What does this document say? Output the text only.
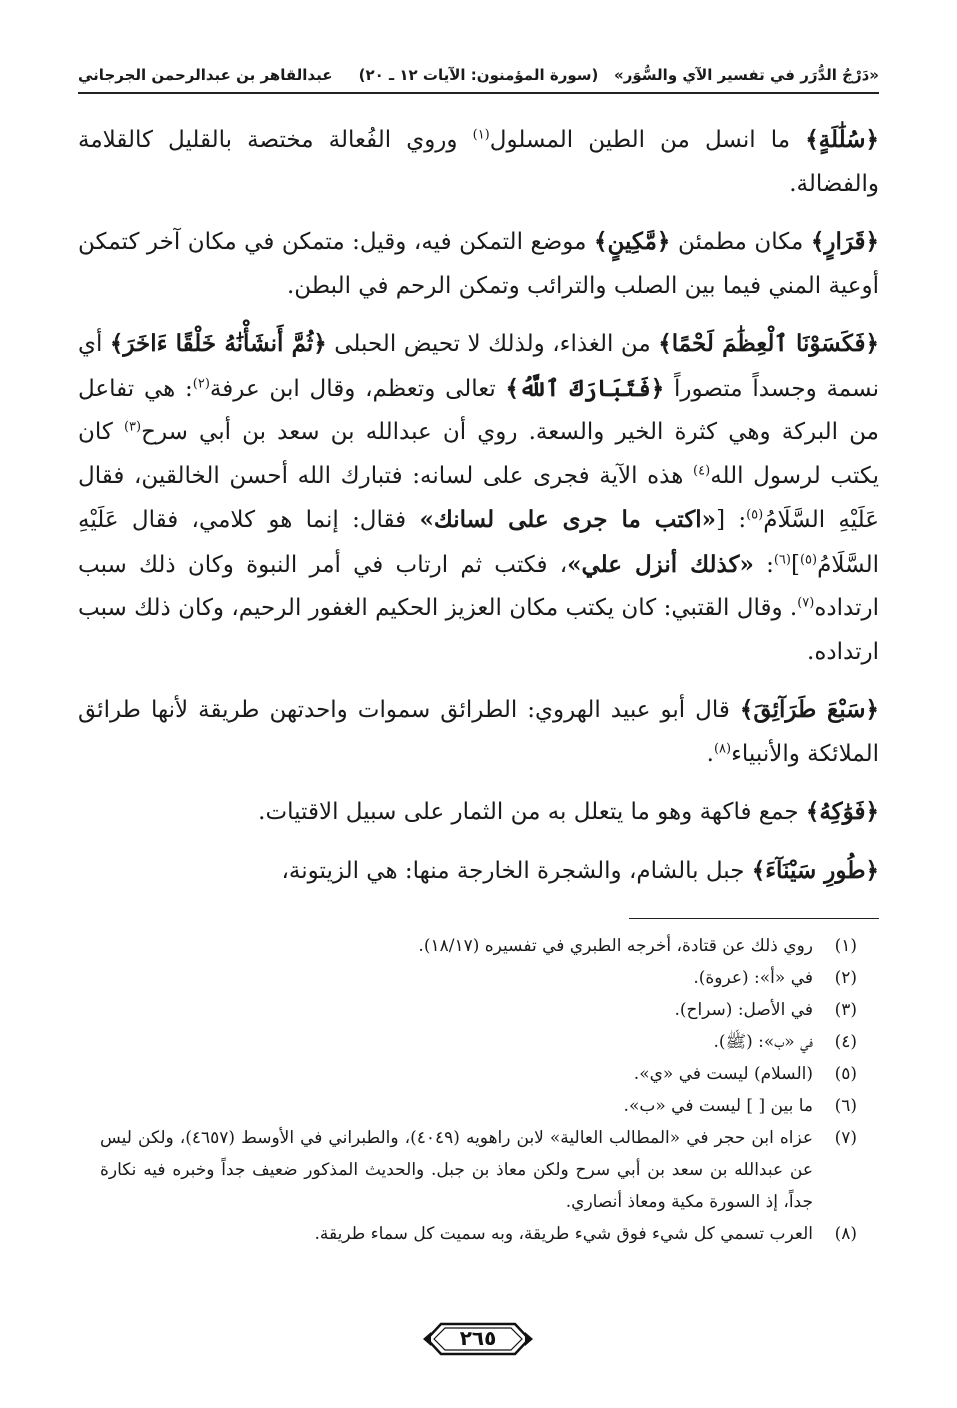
«دَرْجُ الدُّرَر في تفسير الآي والسُّوَر»
(سورة المؤمنون: الآيات ١٢ ـ ٢٠)
عبدالقاهر بن عبدالرحمن الجرجاني

﴿سُلَٰلَةٍ﴾ ما انسل من الطين المسلول$^{(١)}$ وروي الفُعالة مختصة بالقليل كالقلامة والفضالة.

﴿قَرَارٍ﴾ مكان مطمئن ﴿مَّكِينٍ﴾ موضع التمكن فيه، وقيل: متمكن في مكان آخر كتمكن أوعية المني فيما بين الصلب والترائب وتمكن الرحم في البطن.

﴿فَكَسَوْنَا ٱلْعِظَٰمَ لَحْمًا﴾ من الغذاء، ولذلك لا تحيض الحبلى ﴿ثُمَّ أَنشَأْنَٰهُ خَلْقًا ءَاخَرَ﴾ أي نسمة وجسداً متصوراً ﴿فَتَبَارَكَ ٱللَّهُ﴾ تعالى وتعظم، وقال ابن عرفة$^{(٢)}$: هي تفاعل من البركة وهي كثرة الخير والسعة. روي أن عبدالله بن سعد بن أبي سرح$^{(٣)}$ كان يكتب لرسول الله$^{(٤)}$ هذه الآية فجرى على لسانه: فتبارك الله أحسن الخالقين، فقال عَلَيْهِ السَّلَامُ$^{(٥)}$: [«اكتب ما جرى على لسانك» فقال: إنما هو كلامي، فقال عَلَيْهِ السَّلَامُ$^{(٥)}$]$^{(٦)}$: «كذلك أنزل علي»، فكتب ثم ارتاب في أمر النبوة وكان ذلك سبب ارتداده$^{(٧)}$. وقال القتبي: كان يكتب مكان العزيز الحكيم الغفور الرحيم، وكان ذلك سبب ارتداده.

﴿سَبْعَ طَرَآئِقَ﴾ قال أبو عبيد الهروي: الطرائق سموات واحدتهن طريقة لأنها طرائق الملائكة والأنبياء$^{(٨)}$.

﴿فَوَٰكِهُ﴾ جمع فاكهة وهو ما يتعلل به من الثمار على سبيل الاقتيات.

﴿طُورِ سَيْنَآءَ﴾ جبل بالشام، والشجرة الخارجة منها: هي الزيتونة،

(١)
روي ذلك عن قتادة، أخرجه الطبري في تفسيره (١٨/١٧).
(٢)
في «أ»: (عروة).
(٣)
في الأصل: (سراح).
(٤)
في «ب»: (ﷺ).
(٥)
(السلام) ليست في «ي».
(٦)
ما بين [ ] ليست في «ب».
(٧)
عزاه ابن حجر في «المطالب العالية» لابن راهويه (٤٠٤٩)، والطبراني في الأوسط (٤٦٥٧)، ولكن ليس عن عبدالله بن سعد بن أبي سرح ولكن معاذ بن جبل. والحديث المذكور ضعيف جداً وخبره فيه نكارة جداً، إذ السورة مكية ومعاذ أنصاري.
(٨)
العرب تسمي كل شيء فوق شيء طريقة، وبه سميت كل سماء طريقة.
٢٦٥
